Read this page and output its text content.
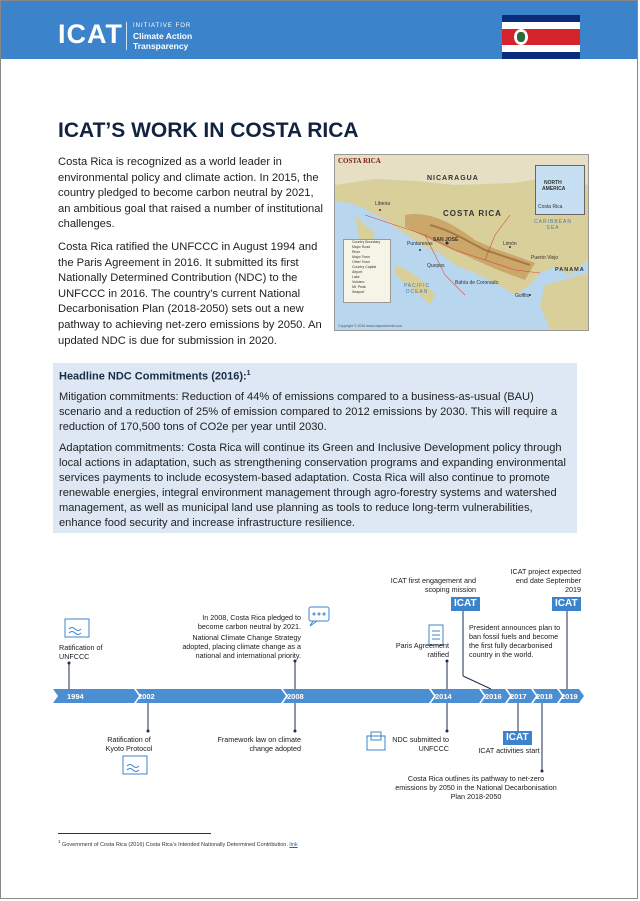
ICAT INITIATIVE FOR
Climate Action
Transparency
ICAT’S WORK IN COSTA RICA

Costa Rica is recognized as a world leader in environmental policy and climate action. In 2015, the country pledged to become carbon neutral by 2021, an ambitious goal that raised a number of institutional challenges.

Costa Rica ratified the UNFCCC in August 1994 and the Paris Agreement in 2016. It submitted its first Nationally Determined Contribution (NDC) to the UNFCCC in 2016. The country’s current National Decarbonisation Plan (2018-2050) sets out a new pathway to achieving net-zero emissions by 2050. An updated NDC is due for submission in 2020.

COSTA RICA
NICARAGUA
COSTA RICA
PANAMA
SAN JOSÉ
Liberia
Puntarenas	Limón
Golfito
Quepos
Puerto Viejo
Bahía de Coronado
PACIFIC OCEAN
CARIBBEAN SEA
NORTH
AMERICA
Costa Rica
Country Boundary
Major Road
River
Major Town
Other Town
Country Capital
Airport
Lake
Volcano
Mt. Peak
Seaport
Copyright © 2016 www.mapsofworld.com
Headline NDC Commitments (2016):$^1$

Mitigation commitments: Reduction of 44% of emissions compared to a business-as-usual (BAU) scenario and a reduction of 25% of emission compared to 2012 emissions by 2030. This will require a reduction of 170,500 tons of CO2e per year until 2030.

Adaptation commitments: Costa Rica will continue its Green and Inclusive Development policy through local actions in adaptation, such as strengthening conservation programs and expanding environmental services payments to include ecosystem-based adaptation. Costa Rica will also continue to promote renewable energies, integral environment management through agro-forestry systems and watershed management, as well as municipal land use planning as tools to reduce long-term vulnerabilities, enhance food security and increase infrastructure resilience.

1994	2002	2008	2014	2016 2017 2018 2019
Ratification of UNFCCC
Ratification of Kyoto Protocol
In 2008, Costa Rica pledged to become carbon neutral by 2021.
National Climate Change Strategy adopted, placing climate change as a national and international priority.
Framework law on climate change adopted
ICAT first engagement and scoping mission
ICAT
Paris Agreement ratified
President announces plan to ban fossil fuels and become the first fully decarbonised country in the world.
NDC submitted to UNFCCC
ICAT
ICAT activities start
Costa Rica outlines its pathway to net-zero emissions by 2050 in the National Decarbonisation Plan 2018-2050
ICAT project expected end date September 2019
ICAT
$^1$ Government of Costa Rica (2016) Costa Rica’s Intended Nationally Determined Contribution. link
